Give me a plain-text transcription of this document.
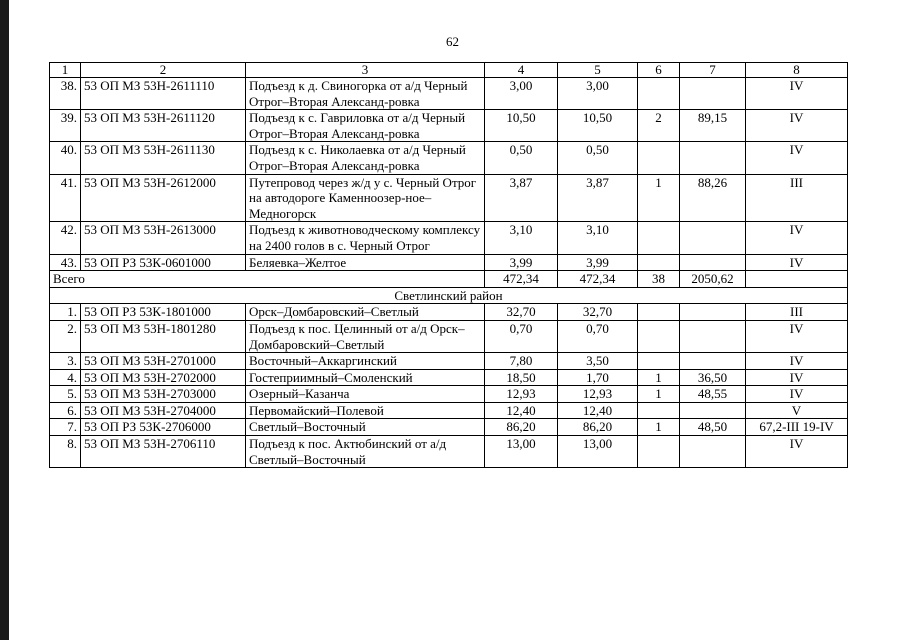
62
1	2	3	4	5	6	7	8
38.	53 ОП МЗ 53Н-2611110	Подъезд к д. Свиногорка от а/д Черный Отрог–Вторая Александ-ровка	3,00	3,00			IV
39.	53 ОП МЗ 53Н-2611120	Подъезд к с. Гавриловка от а/д Черный Отрог–Вторая Александ-ровка	10,50	10,50	2	89,15	IV
40.	53 ОП МЗ 53Н-2611130	Подъезд к с. Николаевка от а/д Черный Отрог–Вторая Александ-ровка	0,50	0,50			IV
41.	53 ОП МЗ 53Н-2612000	Путепровод через ж/д у с. Черный Отрог на автодороге Каменноозер-ное– Медногорск	3,87	3,87	1	88,26	III
42.	53 ОП МЗ 53Н-2613000	Подъезд к животноводческому комплексу на 2400 голов в с. Черный Отрог	3,10	3,10			IV
43.	53 ОП РЗ 53К-0601000	Беляевка–Желтое	3,99	3,99			IV
Всего			472,34	472,34	38	2050,62	
Светлинский район							
1.	53 ОП РЗ 53К-1801000	Орск–Домбаровский–Светлый	32,70	32,70			III
2.	53 ОП МЗ 53Н-1801280	Подъезд к пос. Целинный от а/д Орск–Домбаровский–Светлый	0,70	0,70			IV
3.	53 ОП МЗ 53Н-2701000	Восточный–Аккаргинский	7,80	3,50			IV
4.	53 ОП МЗ 53Н-2702000	Гостеприимный–Смоленский	18,50	1,70	1	36,50	IV
5.	53 ОП МЗ 53Н-2703000	Озерный–Казанча	12,93	12,93	1	48,55	IV
6.	53 ОП МЗ 53Н-2704000	Первомайский–Полевой	12,40	12,40			V
7.	53 ОП РЗ 53К-2706000	Светлый–Восточный	86,20	86,20	1	48,50	67,2-III 19-IV
8.	53 ОП МЗ 53Н-2706110	Подъезд к пос. Актюбинский от а/д Светлый–Восточный	13,00	13,00			IV
